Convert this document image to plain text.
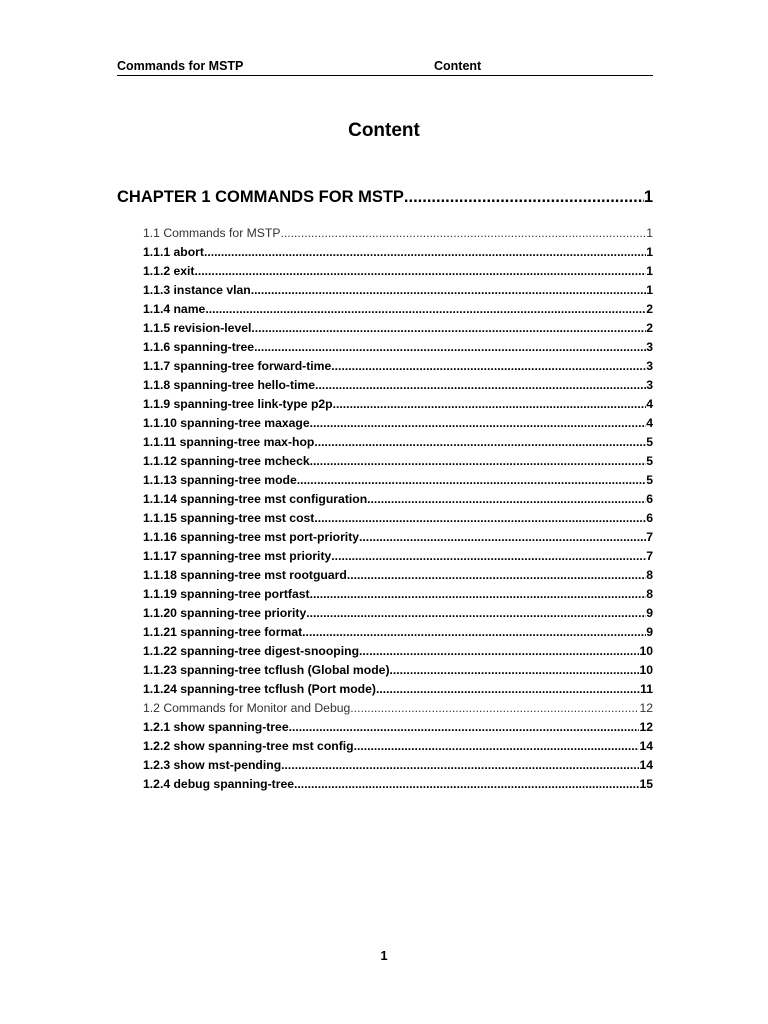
Commands for MSTP	Content
Content
CHAPTER 1 COMMANDS FOR MSTP .....	1
1.1 Commands for MSTP .....	1
1.1.1 abort .....	1
1.1.2 exit .....	1
1.1.3 instance vlan .....	1
1.1.4 name .....	2
1.1.5 revision-level .....	2
1.1.6 spanning-tree .....	3
1.1.7 spanning-tree forward-time .....	3
1.1.8 spanning-tree hello-time .....	3
1.1.9 spanning-tree link-type p2p .....	4
1.1.10 spanning-tree maxage .....	4
1.1.11 spanning-tree max-hop .....	5
1.1.12 spanning-tree mcheck .....	5
1.1.13 spanning-tree mode .....	5
1.1.14 spanning-tree mst configuration .....	6
1.1.15 spanning-tree mst cost .....	6
1.1.16 spanning-tree mst port-priority .....	7
1.1.17 spanning-tree mst priority .....	7
1.1.18 spanning-tree mst rootguard .....	8
1.1.19 spanning-tree portfast .....	8
1.1.20 spanning-tree priority .....	9
1.1.21 spanning-tree format .....	9
1.1.22 spanning-tree digest-snooping .....	10
1.1.23 spanning-tree tcflush (Global mode) .....	10
1.1.24 spanning-tree tcflush (Port mode) .....	11
1.2 Commands for Monitor and Debug .....	12
1.2.1 show spanning-tree .....	12
1.2.2 show spanning-tree mst config .....	14
1.2.3 show mst-pending .....	14
1.2.4 debug spanning-tree .....	15
1
